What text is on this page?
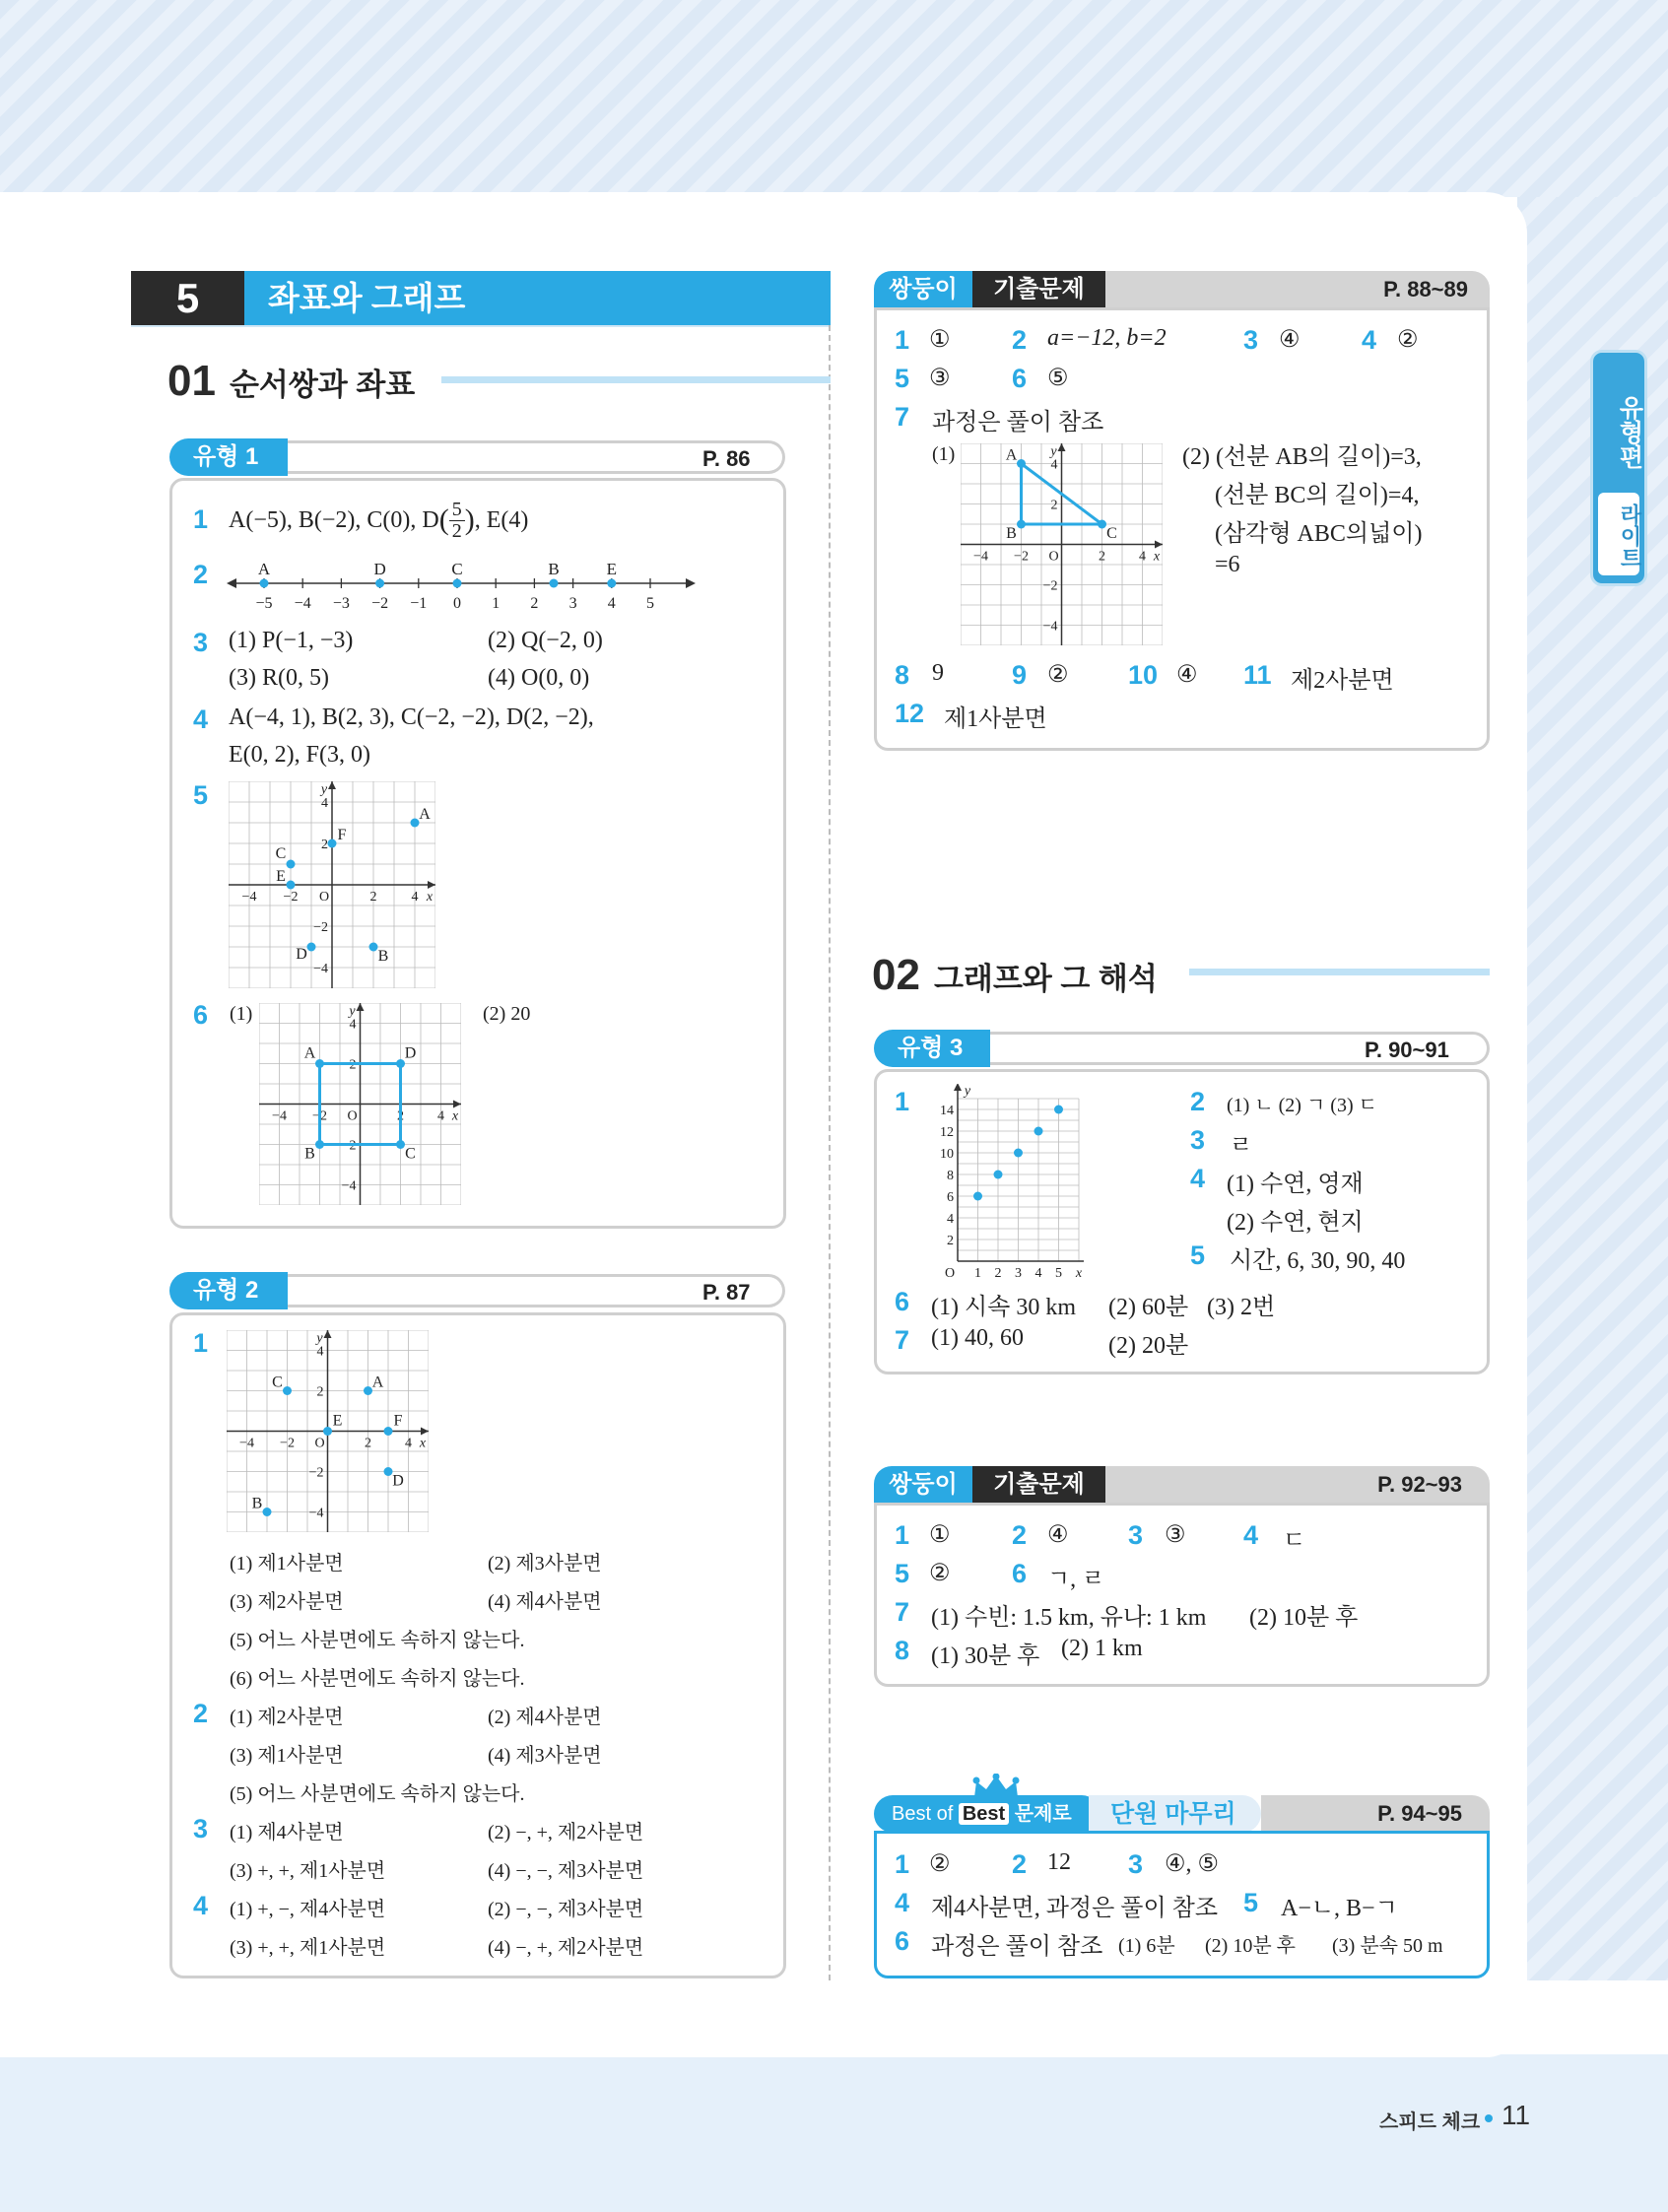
유형편
라이트
5	좌표와 그래프
01 순서쌍과 좌표
유형 1	P. 86
1 A(−5), B(−2), C(0), D ( 5
2 ) , E(4)
2
−5 −4 −3 −2 −1 0 1 2 3 4 5
A	D	C	B	E
3 (1) P(−1, −3)	(2) Q(−2, 0)
(3) R(0, 5)	(4) O(0, 0)
4 A(−4, 1), B(2, 3), C(−2, −2), D(2, −2),
E(0, 2), F(3, 0)
5
−4
−4
−2
−2
2
2
4
4
O	x
y
A
F
C
E
D	B
6 (1)
−4
−4
−2
−2
2
2
4
4
O	x
y
A	D
B	C
(2) 20
유형 2	P. 87
1
−4
−4
−2
−2
2
2
4
4
O	x
y
C	A
E	F
D
B
(1) 제1사분면	(2) 제3사분면
(3) 제2사분면	(4) 제4사분면
(5) 어느 사분면에도 속하지 않는다.
(6) 어느 사분면에도 속하지 않는다.
2 (1) 제2사분면	(2) 제4사분면
(3) 제1사분면	(4) 제3사분면
(5) 어느 사분면에도 속하지 않는다.
3 (1) 제4사분면	(2) −, +, 제2사분면
(3) +, +, 제1사분면	(4) −, −, 제3사분면
4 (1) +, −, 제4사분면	(2) −, −, 제3사분면
(3) +, +, 제1사분면	(4) −, +, 제2사분면
쌍둥이	기출문제	P. 88~89
1 ① 2 a=−12, b=2	3 ④ 4 ②
5 ③ 6 ⑤
7 과정은 풀이 참조
(1)
−4
−4
−2
−2
2
2
4
4
O	x
y
A
B	C
(2) (선분 AB의 길이)=3,
(선분 BC의 길이)=4,
(삼각형 ABC의넓이)
=6
8 9	9 ② 10 ④ 11 제2사분면
12 제1사분면
02 그래프와 그 해석
유형 3	P. 90~91
1 14
12
10
8
6
4
2
O 1 2 3 4 5 x
y	2 (1) ㄴ (2) ㄱ (3) ㄷ
3 ㄹ
4 (1) 수연, 영재
(2) 수연, 현지
5 시간, 6, 30, 90, 40
6 (1) 시속 30 km (2) 60분 (3) 2번
7 (1) 40, 60	(2) 20분
쌍둥이	기출문제	P. 92~93
1 ① 2 ④ 3 ③ 4 ㄷ
5 ② 6 ㄱ, ㄹ
7 (1) 수빈: 1.5 km, 유나: 1 km (2) 10분 후
8 (1) 30분 후 (2) 1 km
Best of Best 문제로	단원 마무리	P. 94~95
1 ② 2 12 3 ④, ⑤
4 제4사분면, 과정은 풀이 참조 5 A−ㄴ, B−ㄱ
6 과정은 풀이 참조 (1) 6분 (2) 10분 후 (3) 분속 50 m
스피드 체크 11
